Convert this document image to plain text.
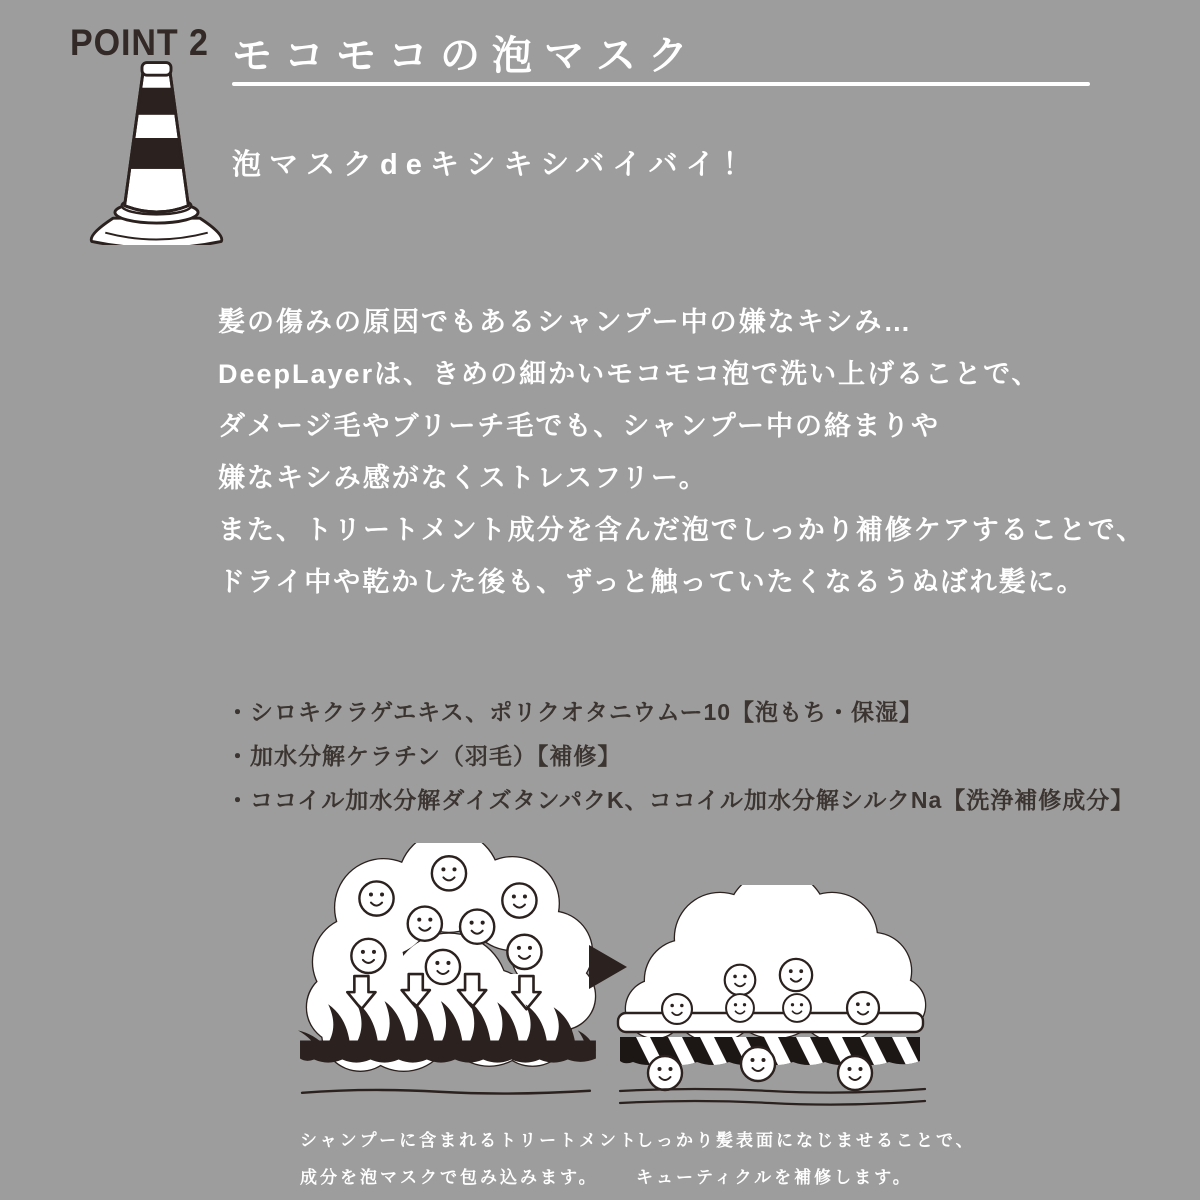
POINT 2 モコモコの泡マスク
泡マスクdeキシキシバイバイ！
髪の傷みの原因でもあるシャンプー中の嫌なキシみ…
DeepLayerは、きめの細かいモコモコ泡で洗い上げることで、
ダメージ毛やブリーチ毛でも、シャンプー中の絡まりや
嫌なキシみ感がなくストレスフリー。
また、トリートメント成分を含んだ泡でしっかり補修ケアすることで、
ドライ中や乾かした後も、ずっと触っていたくなるうぬぼれ髪に。
・シロキクラゲエキス、ポリクオタニウムー10【泡もち・保湿】
・加水分解ケラチン（羽毛）【補修】
・ココイル加水分解ダイズタンパクK、ココイル加水分解シルクNa【洗浄補修成分】
シャンプーに含まれるトリートメント
成分を泡マスクで包み込みます。
しっかり髪表面になじませることで、
キューティクルを補修します。
